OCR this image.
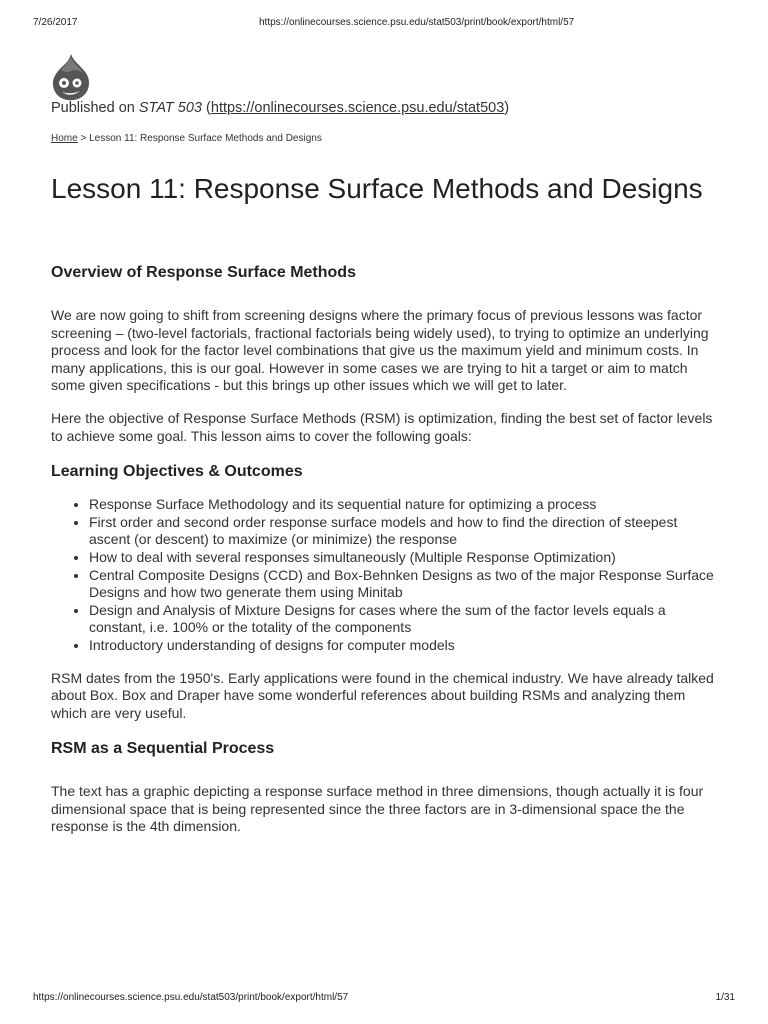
7/26/2017	https://onlinecourses.science.psu.edu/stat503/print/book/export/html/57
Published on STAT 503 (https://onlinecourses.science.psu.edu/stat503)
Home > Lesson 11: Response Surface Methods and Designs
Lesson 11: Response Surface Methods and Designs
Overview of Response Surface Methods

We are now going to shift from screening designs where the primary focus of previous lessons was factor screening – (two-level factorials, fractional factorials being widely used), to trying to optimize an underlying process and look for the factor level combinations that give us the maximum yield and minimum costs. In many applications, this is our goal. However in some cases we are trying to hit a target or aim to match some given specifications - but this brings up other issues which we will get to later.

Here the objective of Response Surface Methods (RSM) is optimization, finding the best set of factor levels to achieve some goal. This lesson aims to cover the following goals:

Learning Objectives & Outcomes
• Response Surface Methodology and its sequential nature for optimizing a process
• First order and second order response surface models and how to find the direction of steepest ascent (or descent) to maximize (or minimize) the response
• How to deal with several responses simultaneously (Multiple Response Optimization)
• Central Composite Designs (CCD) and Box-Behnken Designs as two of the major Response Surface Designs and how two generate them using Minitab
• Design and Analysis of Mixture Designs for cases where the sum of the factor levels equals a constant, i.e. 100% or the totality of the components
• Introductory understanding of designs for computer models

RSM dates from the 1950's. Early applications were found in the chemical industry. We have already talked about Box. Box and Draper have some wonderful references about building RSMs and analyzing them which are very useful.

RSM as a Sequential Process

The text has a graphic depicting a response surface method in three dimensions, though actually it is four dimensional space that is being represented since the three factors are in 3-dimensional space the the response is the 4th dimension.

https://onlinecourses.science.psu.edu/stat503/print/book/export/html/57	1/31
